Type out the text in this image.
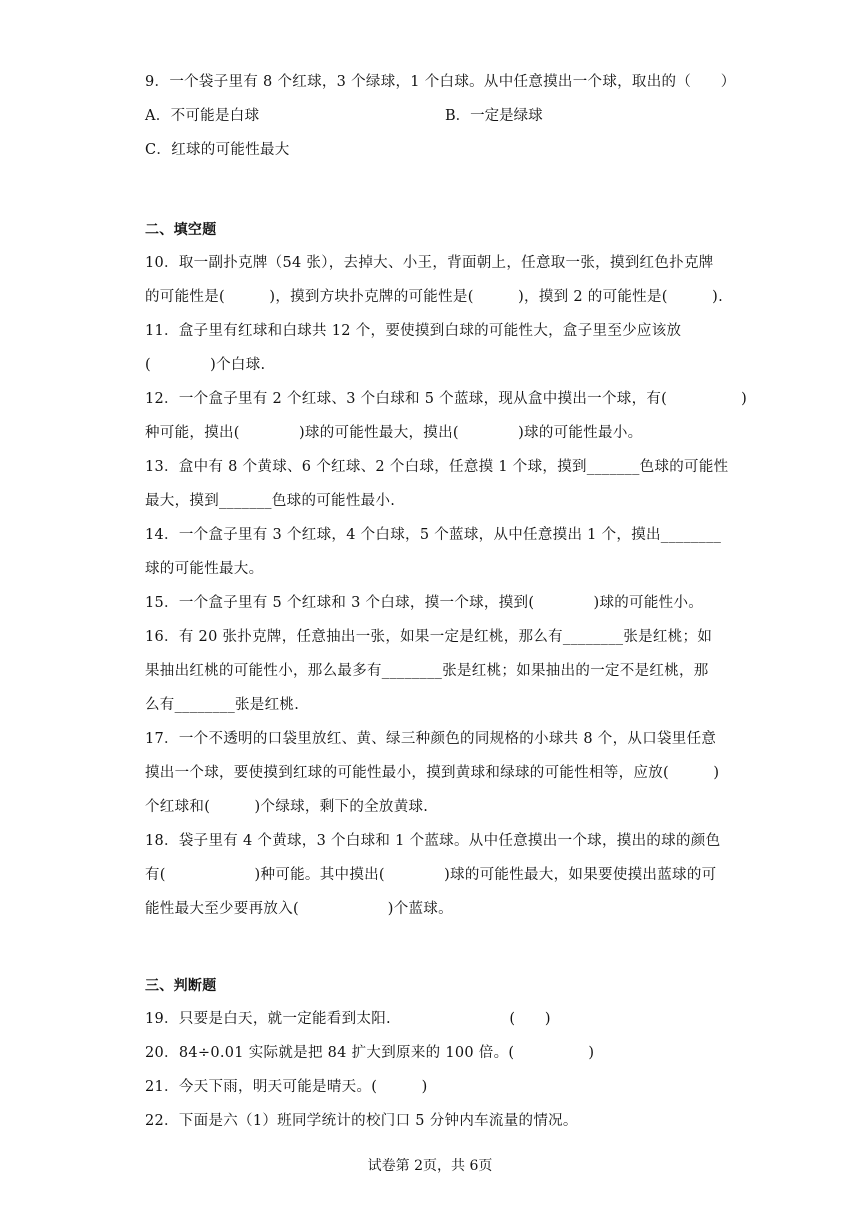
9．一个袋子里有 8 个红球，3 个绿球，1 个白球。从中任意摸出一个球，取出的（　　）
A．不可能是白球	B．一定是绿球
C．红球的可能性最大
二、填空题
10．取一副扑克牌（54 张），去掉大、小王，背面朝上，任意取一张，摸到红色扑克牌
的可能性是(　　　)，摸到方块扑克牌的可能性是(　　　)，摸到 2 的可能性是(　　　).
11．盒子里有红球和白球共 12 个，要使摸到白球的可能性大，盒子里至少应该放
(　　　　)个白球.
12．一个盒子里有 2 个红球、3 个白球和 5 个蓝球，现从盒中摸出一个球，有(　　　　　)
种可能，摸出(　　　　)球的可能性最大，摸出(　　　　)球的可能性最小。
13．盒中有 8 个黄球、6 个红球、2 个白球，任意摸 1 个球，摸到_______色球的可能性
最大，摸到_______色球的可能性最小.
14．一个盒子里有 3 个红球，4 个白球，5 个蓝球，从中任意摸出 1 个，摸出________
球的可能性最大。
15．一个盒子里有 5 个红球和 3 个白球，摸一个球，摸到(　　　　)球的可能性小。
16．有 20 张扑克牌，任意抽出一张，如果一定是红桃，那么有________张是红桃；如
果抽出红桃的可能性小，那么最多有________张是红桃；如果抽出的一定不是红桃，那
么有________张是红桃.
17．一个不透明的口袋里放红、黄、绿三种颜色的同规格的小球共 8 个，从口袋里任意
摸出一个球，要使摸到红球的可能性最小，摸到黄球和绿球的可能性相等，应放(　　　)
个红球和(　　　)个绿球，剩下的全放黄球.
18．袋子里有 4 个黄球，3 个白球和 1 个蓝球。从中任意摸出一个球，摸出的球的颜色
有(　　　　　　)种可能。其中摸出(　　　　)球的可能性最大，如果要使摸出蓝球的可
能性最大至少要再放入(　　　　　　)个蓝球。
三、判断题
19．只要是白天，就一定能看到太阳.　　　　　　　　(　　)
20．84÷0.01 实际就是把 84 扩大到原来的 100 倍。(　　　　　)
21．今天下雨，明天可能是晴天。(　　　)
22．下面是六（1）班同学统计的校门口 5 分钟内车流量的情况。
试卷第 2页，共 6页
